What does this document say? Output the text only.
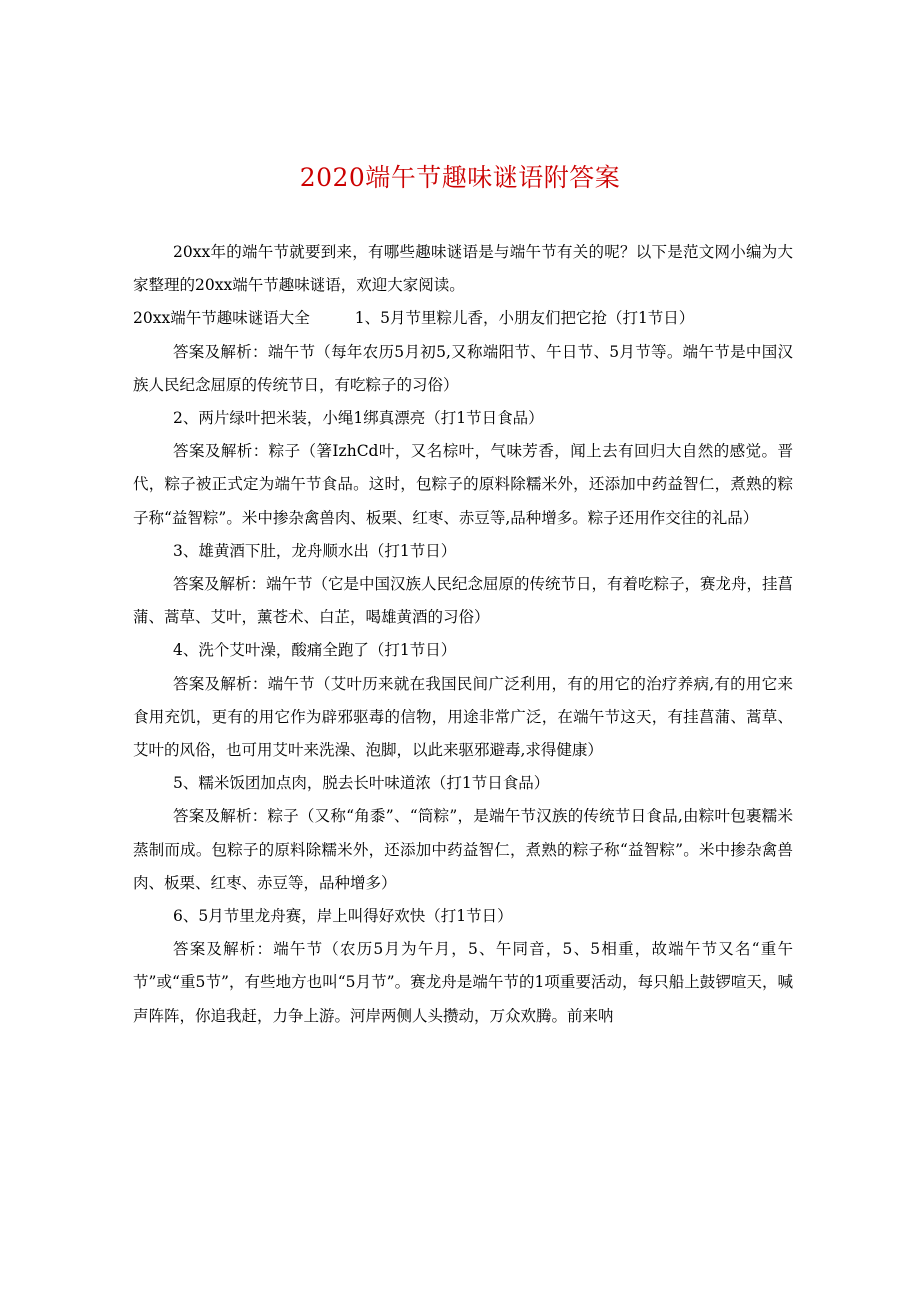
2020端午节趣味谜语附答案

20xx年的端午节就要到来，有哪些趣味谜语是与端午节有关的呢？以下是范文网小编为大家整理的20xx端午节趣味谜语，欢迎大家阅读。

20xx端午节趣味谜语大全	1、5月节里粽儿香，小朋友们把它抢（打1节日）

答案及解析：端午节（每年农历5月初5,又称端阳节、午日节、5月节等。端午节是中国汉族人民纪念屈原的传统节日，有吃粽子的习俗）

2、两片绿叶把米装，小绳1绑真漂亮（打1节日食品）

答案及解析：粽子（箸IzhCd叶，又名棕叶，气味芳香，闻上去有回归大自然的感觉。晋代，粽子被正式定为端午节食品。这时，包粽子的原料除糯米外，还添加中药益智仁，煮熟的粽子称“益智粽”。米中掺杂禽兽肉、板栗、红枣、赤豆等,品种增多。粽子还用作交往的礼品）

3、雄黄酒下肚，龙舟顺水出（打1节日）

答案及解析：端午节（它是中国汉族人民纪念屈原的传统节日，有着吃粽子，赛龙舟，挂菖蒲、蒿草、艾叶，薰苍术、白芷，喝雄黄酒的习俗）

4、洗个艾叶澡，酸痛全跑了（打1节日）

答案及解析：端午节（艾叶历来就在我国民间广泛利用，有的用它的治疗养病,有的用它来食用充饥，更有的用它作为辟邪驱毒的信物，用途非常广泛，在端午节这天，有挂菖蒲、蒿草、艾叶的风俗，也可用艾叶来洗澡、泡脚，以此来驱邪避毒,求得健康）

5、糯米饭团加点肉，脱去长叶味道浓（打1节日食品）

答案及解析：粽子（又称“角黍”、“筒粽”，是端午节汉族的传统节日食品,由粽叶包裹糯米蒸制而成。包粽子的原料除糯米外，还添加中药益智仁，煮熟的粽子称“益智粽”。米中掺杂禽兽肉、板栗、红枣、赤豆等，品种增多）

6、5月节里龙舟赛，岸上叫得好欢快（打1节日）

答案及解析：端午节（农历5月为午月，5、午同音，5、5相重，故端午节又名“重午节”或“重5节”，有些地方也叫“5月节”。赛龙舟是端午节的1项重要活动，每只船上鼓锣喧天，喊声阵阵，你追我赶，力争上游。河岸两侧人头攒动，万众欢腾。前来呐
